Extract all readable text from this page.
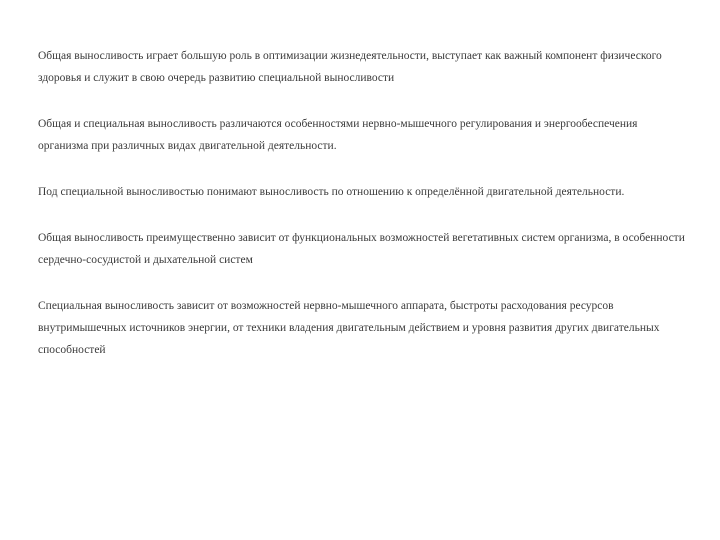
Общая выносливость играет большую роль в оптимизации жизнедеятельности, выступает как важный компонент физического здоровья и служит в свою очередь развитию специальной выносливости

Общая и специальная выносливость различаются особенностями нервно-мышечного регулирования и энергообеспечения организма при различных видах двигательной деятельности.

Под специальной выносливостью понимают выносливость по отношению к определённой двигательной деятельности.

Общая выносливость преимущественно зависит от функциональных возможностей вегетативных систем организма, в особенности сердечно-сосудистой и дыхательной систем

Специальная выносливость зависит от возможностей нервно-мышечного аппарата, быстроты расходования ресурсов внутримышечных источников энергии, от техники владения двигательным действием и уровня развития других двигательных способностей
